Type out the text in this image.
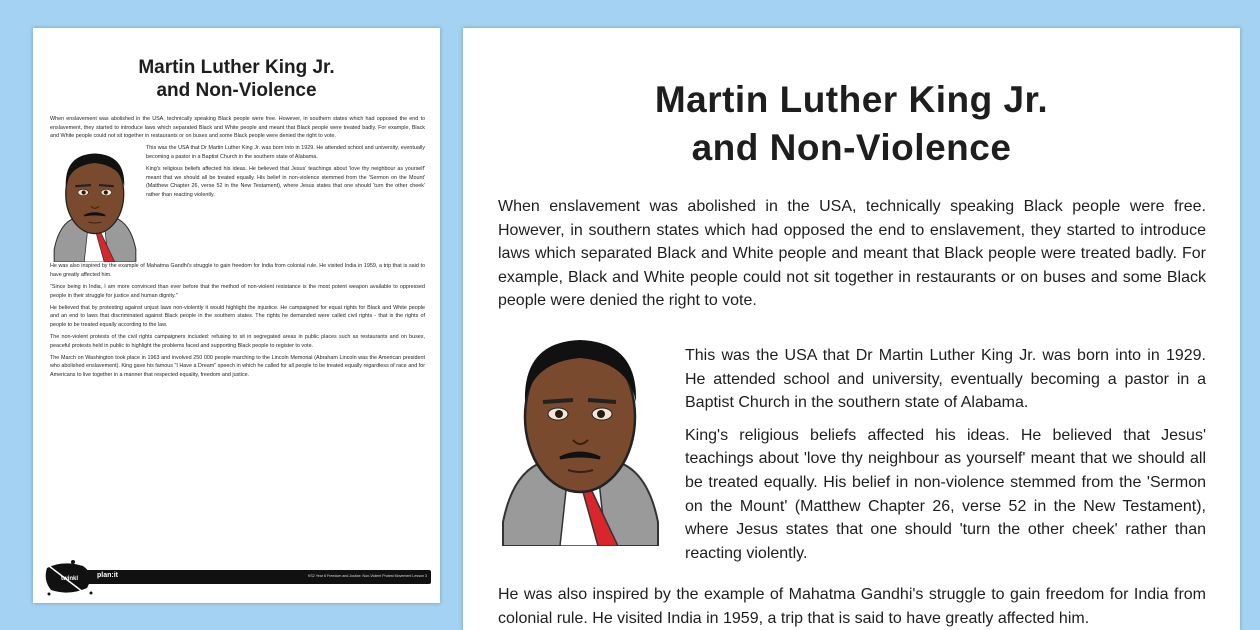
Martin Luther King Jr.
and Non-Violence

When enslavement was abolished in the USA, technically speaking Black people were free. However, in southern states which had opposed the end to enslavement, they started to introduce laws which separated Black and White people and meant that Black people were treated badly. For example, Black and White people could not sit together in restaurants or on buses and some Black people were denied the right to vote.

This was the USA that Dr Martin Luther King Jr. was born into in 1929. He attended school and university, eventually becoming a pastor in a Baptist Church in the southern state of Alabama.

King's religious beliefs affected his ideas. He believed that Jesus' teachings about 'love thy neighbour as yourself' meant that we should all be treated equally. His belief in non-violence stemmed from the 'Sermon on the Mount' (Matthew Chapter 26, verse 52 in the New Testament), where Jesus states that one should 'turn the other cheek' rather than reacting violently.

He was also inspired by the example of Mahatma Gandhi's struggle to gain freedom for India from colonial rule. He visited India in 1959, a trip that is said to have greatly affected him.

"Since being in India, I am more convinced than ever before that the method of non-violent resistance is the most potent weapon available to oppressed people in their struggle for justice and human dignity."

He believed that by protesting against unjust laws non-violently it would highlight the injustice. He campaigned for equal rights for Black and White people and an end to laws that discriminated against Black people in the southern states. The rights he demanded were called civil rights - that is the rights of people to be treated equally according to the law.

The non-violent protests of the civil rights campaigners included: refusing to sit in segregated areas in public places such as restaurants and on buses, peaceful protests held in public to highlight the problems faced and supporting Black people to register to vote.

The March on Washington took place in 1963 and involved 250 000 people marching to the Lincoln Memorial (Abraham Lincoln was the American president who abolished enslavement). King gave his famous "I Have a Dream" speech in which he called for all people to be treated equally regardless of race and for Americans to live together in a manner that respected equality, freedom and justice.

plan:it	KS2 Year 6 Freedom and Justice: Non-Violent Protest Movement Lesson 3
twinkl
Martin Luther King Jr.
and Non-Violence

When enslavement was abolished in the USA, technically speaking Black people were free. However, in southern states which had opposed the end to enslavement, they started to introduce laws which separated Black and White people and meant that Black people were treated badly. For example, Black and White people could not sit together in restaurants or on buses and some Black people were denied the right to vote.

This was the USA that Dr Martin Luther King Jr. was born into in 1929. He attended school and university, eventually becoming a pastor in a Baptist Church in the southern state of Alabama.

King's religious beliefs affected his ideas. He believed that Jesus' teachings about 'love thy neighbour as yourself' meant that we should all be treated equally. His belief in non-violence stemmed from the 'Sermon on the Mount' (Matthew Chapter 26, verse 52 in the New Testament), where Jesus states that one should 'turn the other cheek' rather than reacting violently.

He was also inspired by the example of Mahatma Gandhi's struggle to gain freedom for India from colonial rule. He visited India in 1959, a trip that is said to have greatly affected him.
